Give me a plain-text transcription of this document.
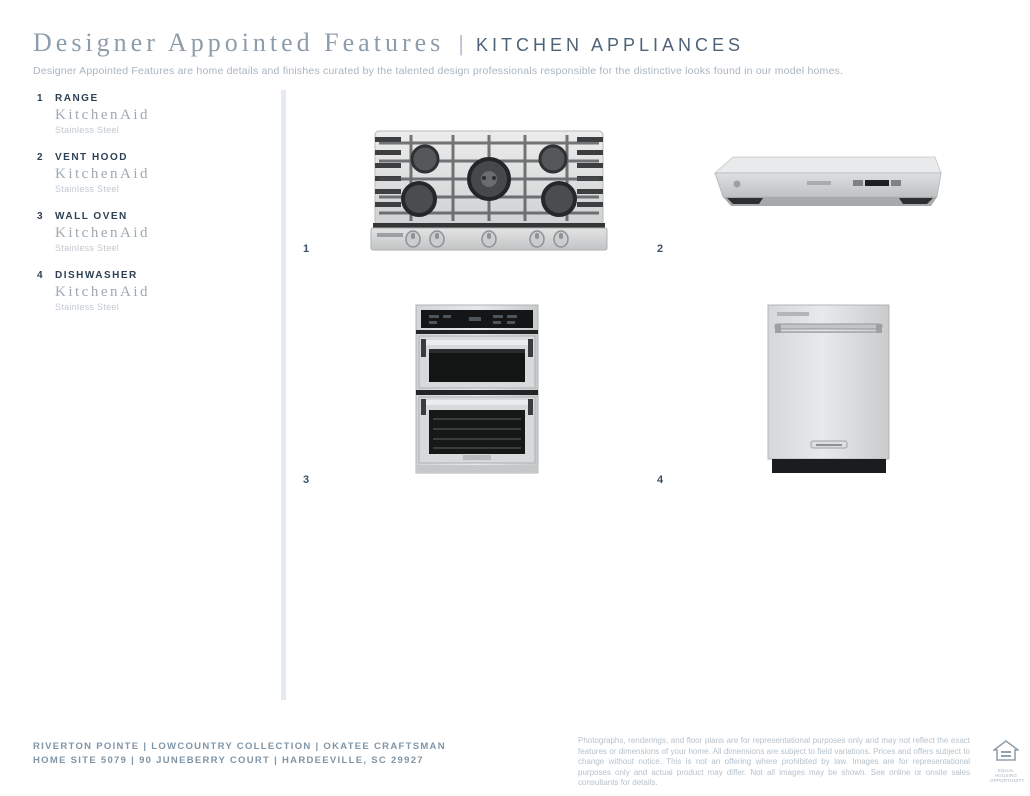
Designer Appointed Features | KITCHEN APPLIANCES
Designer Appointed Features are home details and finishes curated by the talented design professionals responsible for the distinctive looks found in our model homes.
1	RANGE
KitchenAid
Stainless Steel
2	VENT HOOD
KitchenAid
Stainless Steel
3	WALL OVEN
KitchenAid
Stainless Steel
4	DISHWASHER
KitchenAid
Stainless Steel
1	2
3	4
RIVERTON POINTE | LOWCOUNTRY COLLECTION | OKATEE CRAFTSMAN
HOME SITE 5079 | 90 JUNEBERRY COURT | HARDEEVILLE, SC 29927
Photographs, renderings, and floor plans are for representational purposes only and may not reflect the exact features or dimensions of your home. All dimensions are subject to field variations. Prices and offers subject to change without notice. This is not an offering where prohibited by law. Images are for representational purposes only and actual product may differ. Not all images may be shown. See online or onsite sales consultants for details.
EQUAL HOUSING OPPORTUNITY
